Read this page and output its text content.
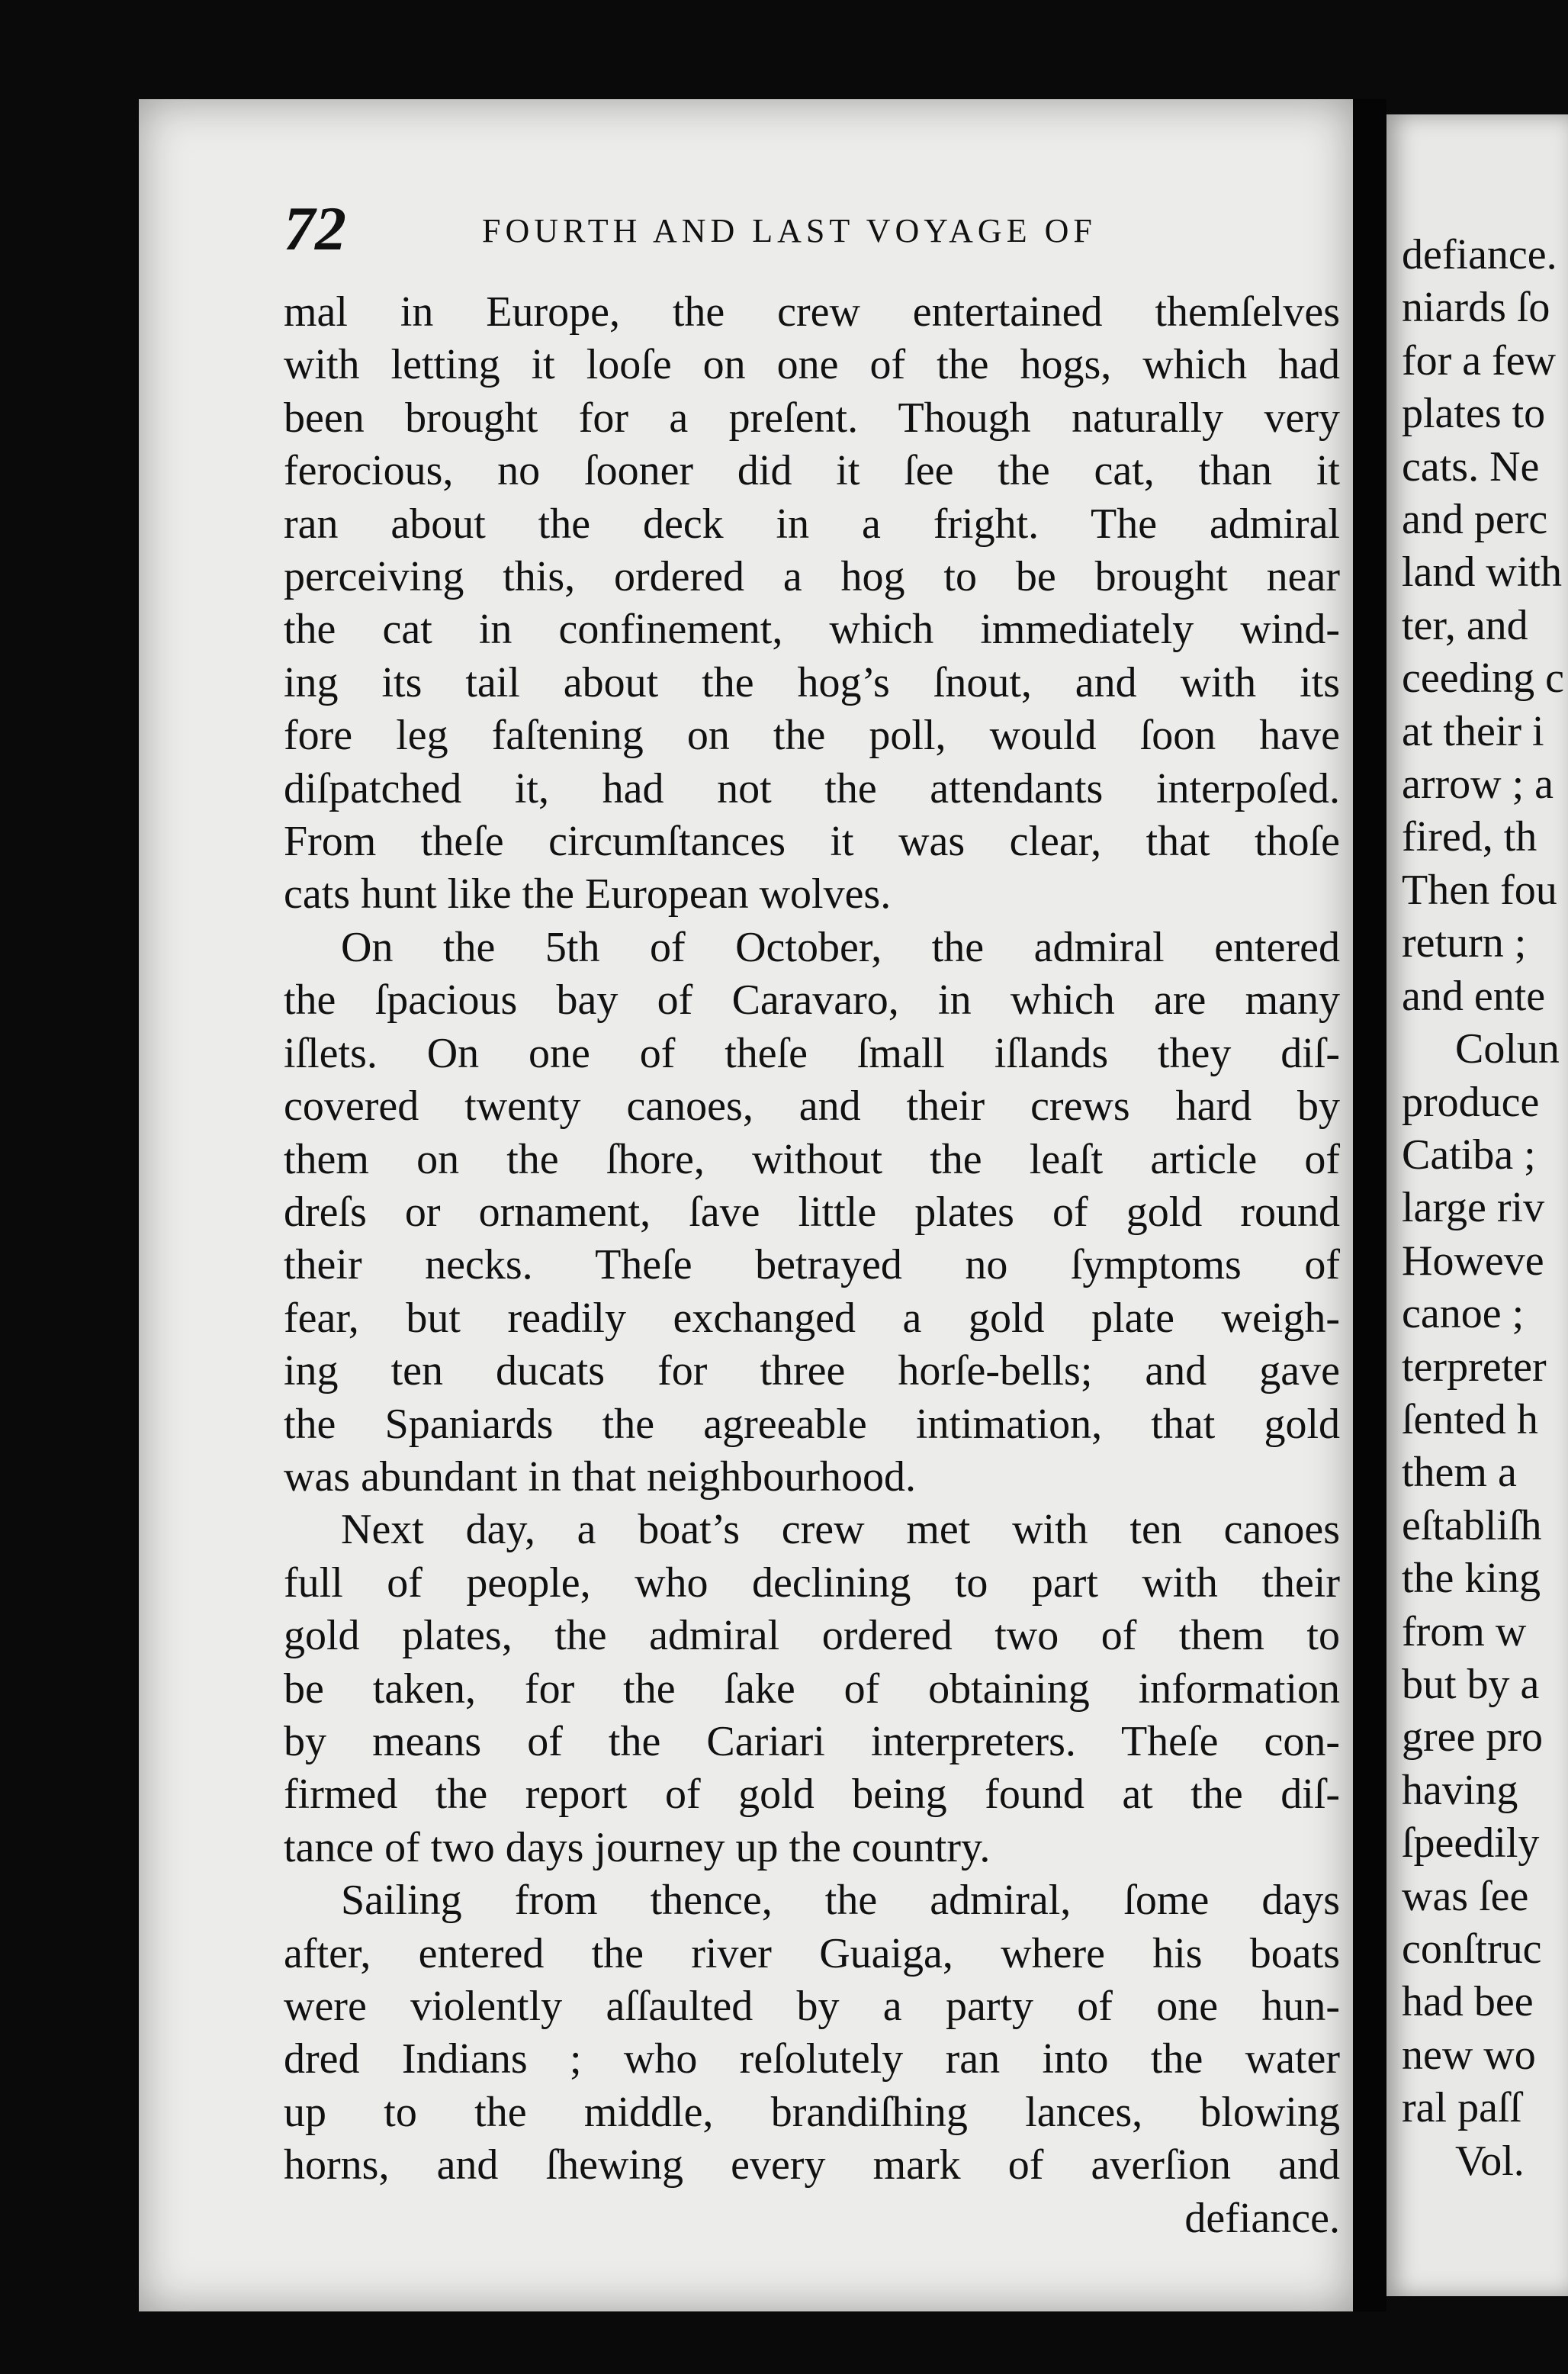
72	FOURTH AND LAST VOYAGE OF
mal in Europe, the crew entertained themſelves
with letting it looſe on one of the hogs, which had
been brought for a preſent. Though naturally very
ferocious, no ſooner did it ſee the cat, than it
ran about the deck in a fright. The admiral
perceiving this, ordered a hog to be brought near
the cat in confinement, which immediately wind-
ing its tail about the hog’s ſnout, and with its
fore leg faſtening on the poll, would ſoon have
diſpatched it, had not the attendants interpoſed.
From theſe circumſtances it was clear, that thoſe
cats hunt like the European wolves.
On the 5th of October, the admiral entered
the ſpacious bay of Caravaro, in which are many
iſlets. On one of theſe ſmall iſlands they diſ-
covered twenty canoes, and their crews hard by
them on the ſhore, without the leaſt article of
dreſs or ornament, ſave little plates of gold round
their necks. Theſe betrayed no ſymptoms of
fear, but readily exchanged a gold plate weigh-
ing ten ducats for three horſe-bells; and gave
the Spaniards the agreeable intimation, that gold
was abundant in that neighbourhood.
Next day, a boat’s crew met with ten canoes
full of people, who declining to part with their
gold plates, the admiral ordered two of them to
be taken, for the ſake of obtaining information
by means of the Cariari interpreters. Theſe con-
firmed the report of gold being found at the diſ-
tance of two days journey up the country.
Sailing from thence, the admiral, ſome days
after, entered the river Guaiga, where his boats
were violently aſſaulted by a party of one hun-
dred Indians ; who reſolutely ran into the water
up to the middle, brandiſhing lances, blowing
horns, and ſhewing every mark of averſion and
defiance.
defiance.
niards ſo
for a few
plates to
cats. Ne
and perc
land with
ter, and
ceeding c
at their i
arrow ; a
fired, th
Then fou
return ;
and ente
Colun
produce
Catiba ;
large riv
Howeve
canoe ;
terpreter
ſented h
them a
eſtabliſh
the king
from w
but by a
gree pro
having
ſpeedily
was ſee
conſtruc
had bee
new wo
ral paſſ
Vol.
